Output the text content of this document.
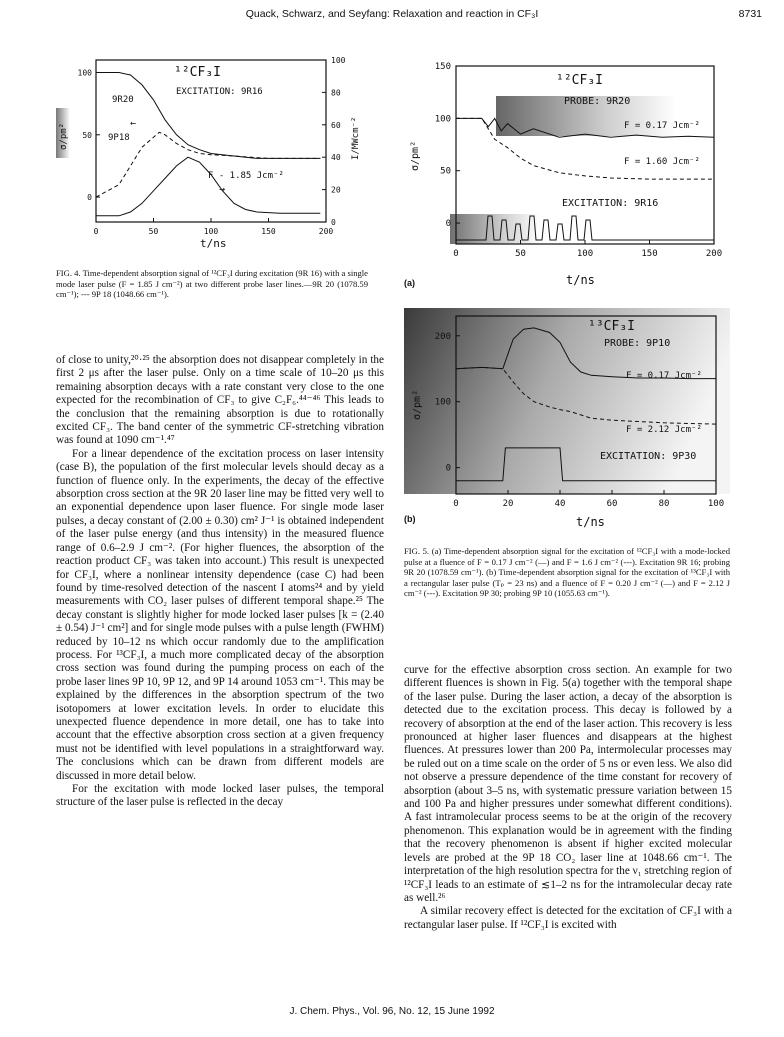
Quack, Schwarz, and Seyfang: Relaxation and reaction in CF₃I	8731
0	50	100	150	200
0
50
100
0
20
40
60
80
100
¹²CF₃I
EXCITATION: 9R16
9R20
9P18
←
F - 1.85 Jcm⁻²
→
t/ns
σ/pm²	I/MWcm⁻²
FIG. 4. Time-dependent absorption signal of ¹²CF₃I during excitation (9R 16) with a single mode laser pulse (F = 1.85 J cm⁻²) at two different probe laser lines.—9R 20 (1078.59 cm⁻¹); --- 9P 18 (1048.66 cm⁻¹).
0	50	100	150	200
0
50
100
150
¹²CF₃I
PROBE: 9R20
F = 0.17 Jcm⁻²
F = 1.60 Jcm⁻²
EXCITATION: 9R16
t/ns
σ/pm²
(a)
0	20	40	60	80	100
0
100
200
¹³CF₃I
PROBE: 9P10
F = 0.17 Jcm⁻²
F = 2.12 Jcm⁻²
EXCITATION: 9P30
t/ns
σ/pm²
(b)
FIG. 5. (a) Time-dependent absorption signal for the excitation of ¹²CF₃I with a mode-locked pulse at a fluence of F = 0.17 J cm⁻² (—) and F = 1.6 J cm⁻² (---). Excitation 9R 16; probing 9R 20 (1078.59 cm⁻¹). (b) Time-dependent absorption signal for the excitation of ¹³CF₃I with a rectangular laser pulse (Tₚ = 23 ns) and a fluence of F = 0.20 J cm⁻² (—) and F = 2.12 J cm⁻² (---). Excitation 9P 30; probing 9P 10 (1055.63 cm⁻¹).

of close to unity,²⁰·²⁵ the absorption does not disappear completely in the first 2 μs after the laser pulse. Only on a time scale of 10–20 μs this remaining absorption decays with a rate constant very close to the one expected for the recombination of CF₃ to give C₂F₆.⁴⁴⁻⁴⁶ This leads to the conclusion that the remaining absorption is due to rotationally excited CF₃. The band center of the symmetric CF-stretching vibration was found at 1090 cm⁻¹.⁴⁷

For a linear dependence of the excitation process on laser intensity (case B), the population of the first molecular levels should decay as a function of fluence only. In the experiments, the decay of the effective absorption cross section at the 9R 20 laser line may be fitted very well to an exponential dependence upon laser fluence. For single mode laser pulses, a decay constant of (2.00 ± 0.30) cm² J⁻¹ is obtained independent of the laser pulse energy (and thus intensity) in the measured fluence range of 0.6–2.9 J cm⁻². (For higher fluences, the absorption of the reaction product CF₃ was taken into account.) This result is unexpected for CF₃I, where a nonlinear intensity dependence (case C) had been found by time-resolved detection of the nascent I atoms²⁴ and by yield measurements with CO₂ laser pulses of different temporal shape.²⁵ The decay constant is slightly higher for mode locked laser pulses [k = (2.40 ± 0.54) J⁻¹ cm²] and for single mode pulses with a pulse length (FWHM) reduced by 10–12 ns which occur randomly due to the amplification process. For ¹³CF₃I, a much more complicated decay of the absorption cross section was found during the pumping process on each of the probe laser lines 9P 10, 9P 12, and 9P 14 around 1053 cm⁻¹. This may be explained by the differences in the absorption spectrum of the two isotopomers at lower excitation levels. In order to elucidate this unexpected fluence dependence in more detail, one has to take into account that the effective absorption cross section at a given frequency must not be identified with level populations in a straightforward way. The conclusions which can be drawn from different models are discussed in more detail below.

For the excitation with mode locked laser pulses, the temporal structure of the laser pulse is reflected in the decay

curve for the effective absorption cross section. An example for two different fluences is shown in Fig. 5(a) together with the temporal shape of the laser pulse. During the laser action, a decay of the absorption is detected due to the excitation process. This decay is followed by a recovery of absorption at the end of the laser action. This recovery is less pronounced at higher laser fluences and disappears at the highest fluences. At pressures lower than 200 Pa, intermolecular processes may be ruled out on a time scale on the order of 5 ns or even less. We also did not observe a pressure dependence of the time constant for recovery of absorption (about 3–5 ns, with systematic pressure variation between 15 and 100 Pa and higher pressures under somewhat different conditions). A fast intramolecular process seems to be at the origin of the recovery phenomenon. This explanation would be in agreement with the finding that the recovery phenomenon is absent if higher excited molecular levels are probed at the 9P 18 CO₂ laser line at 1048.66 cm⁻¹. The interpretation of the high resolution spectra for the ν₁ stretching region of ¹²CF₃I leads to an estimate of ≲1–2 ns for the intramolecular decay rate as well.²⁶

A similar recovery effect is detected for the excitation of CF₃I with a rectangular laser pulse. If ¹²CF₃I is excited with

J. Chem. Phys., Vol. 96, No. 12, 15 June 1992
